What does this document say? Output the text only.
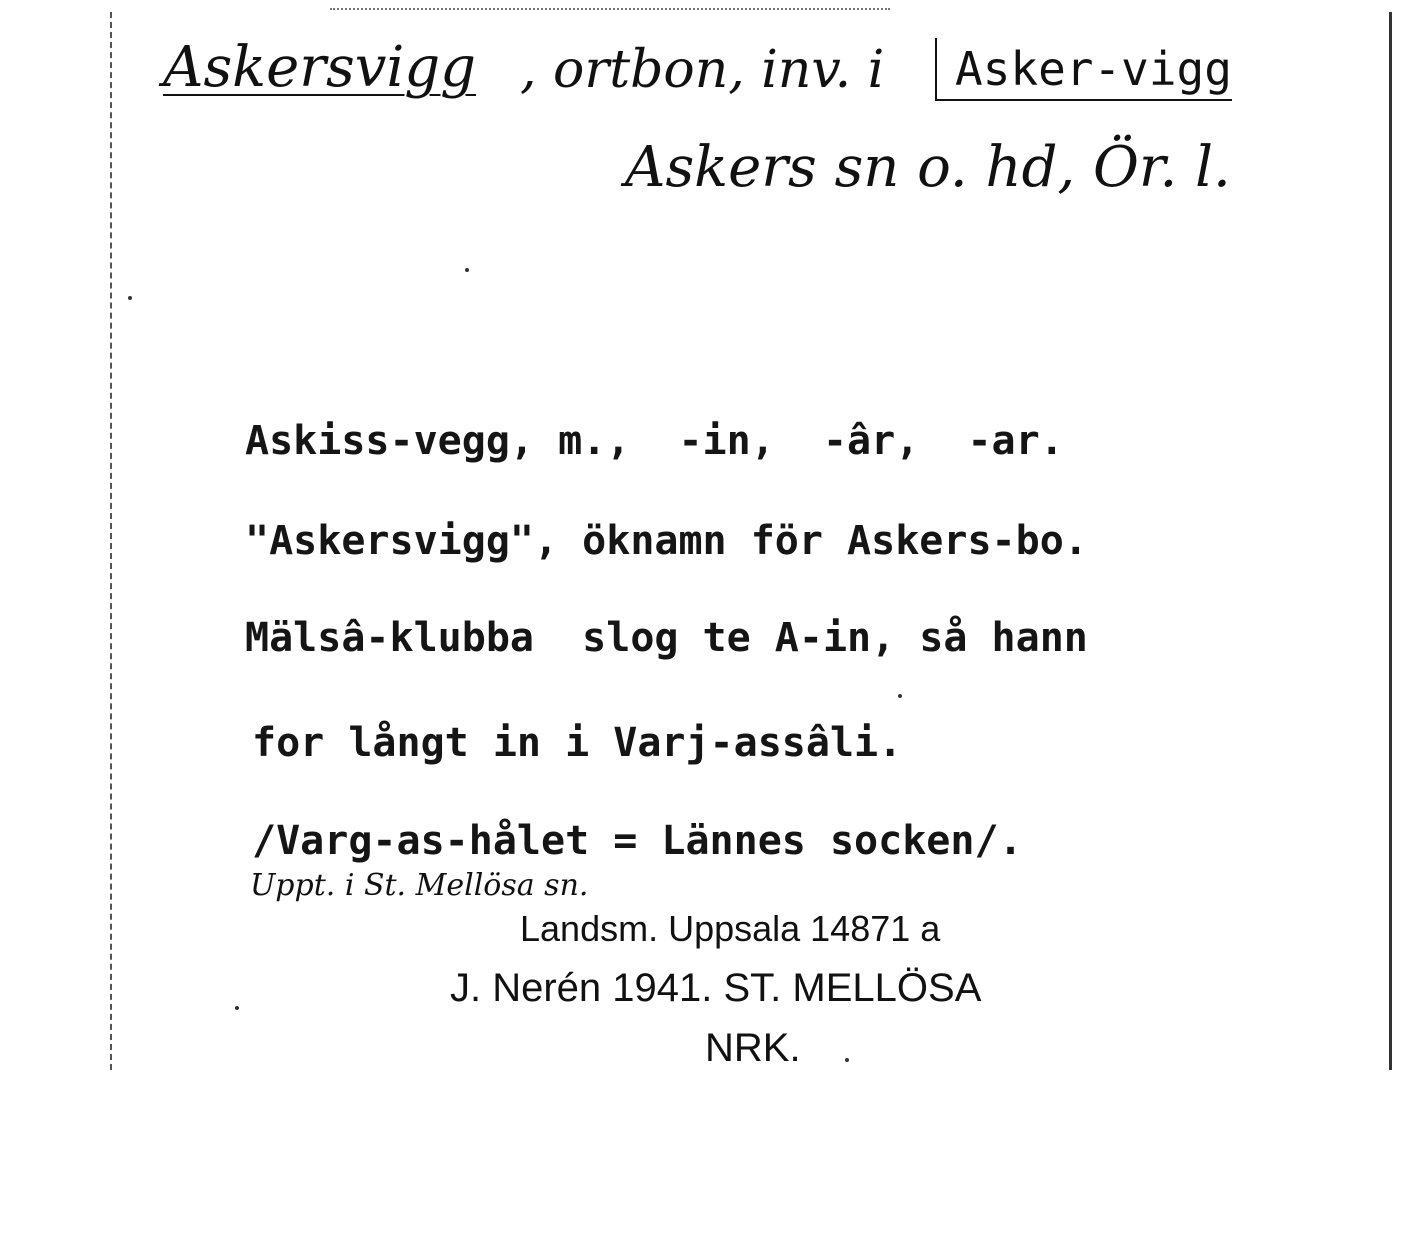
Askersvigg , ortbon, inv. i	Asker-vigg
Askers sn o. hd, Ör. l.
Askiss-vegg, m.,  -in,  -âr,  -ar.
"Askersvigg", öknamn för Askers-bo.
Mälsâ-klubba  slog te A-in, så hann
for långt in i Varj-assâli.
/Varg-as-hålet = Lännes socken/.
Uppt. i St. Mellösa sn.
Landsm. Uppsala 14871 a
J. Nerén 1941. ST. MELLÖSA
NRK.
